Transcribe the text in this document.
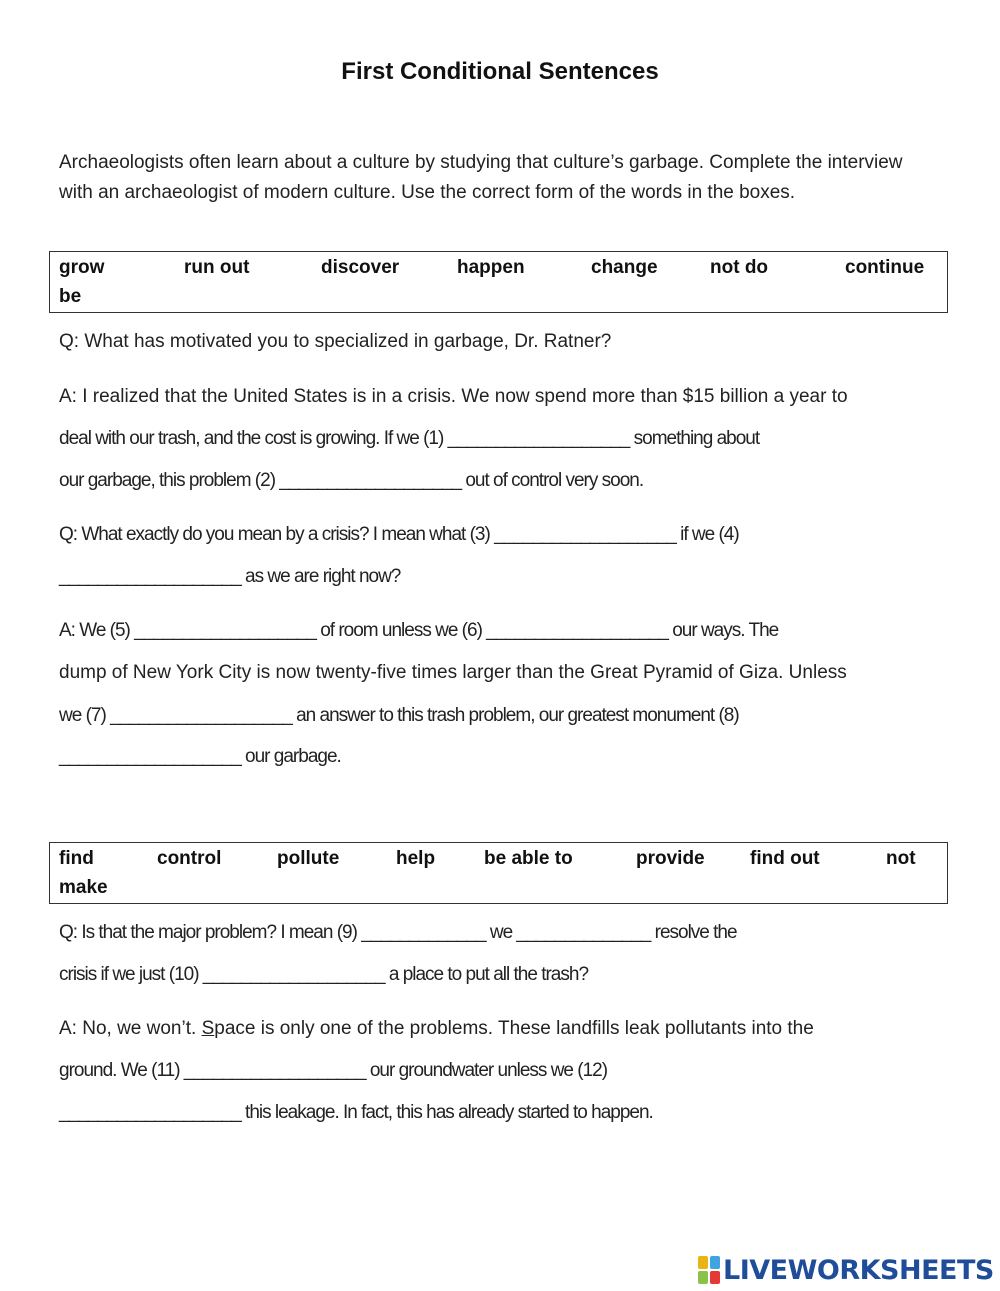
First Conditional Sentences
Archaeologists often learn about a culture by studying that culture’s garbage. Complete the interview with an archaeologist of modern culture. Use the correct form of the words in the boxes.
grow	run out	discover	happen	change	not do	continue
be
Q: What has motivated you to specialized in garbage, Dr. Ratner?
A: I realized that the United States is in a crisis. We now spend more than $15 billion a year to
deal with our trash, and the cost is growing. If we (1) ___________________ something about
our garbage, this problem (2) ___________________ out of control very soon.
Q: What exactly do you mean by a crisis? I mean what (3) ___________________ if we (4)
___________________ as we are right now?
A: We (5) ___________________ of room unless we (6) ___________________ our ways. The
dump of New York City is now twenty-five times larger than the Great Pyramid of Giza. Unless
we (7) ___________________ an answer to this trash problem, our greatest monument (8)
___________________ our garbage.
find	control	pollute	help	be able to	provide find out	not
make
Q: Is that the major problem? I mean (9) _____________ we ______________ resolve the
crisis if we just (10) ___________________ a place to put all the trash?
A: No, we won’t. Space is only one of the problems. These landfills leak pollutants into the
ground. We (11) ___________________ our groundwater unless we (12)
___________________ this leakage. In fact, this has already started to happen.
LIVEWORKSHEETS
